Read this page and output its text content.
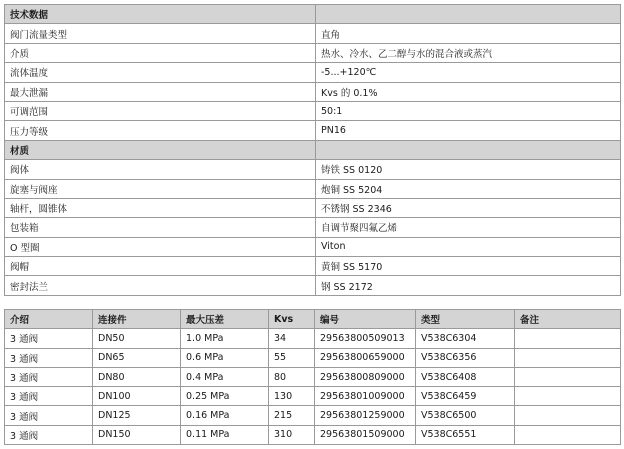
技术数据	
阀门流量类型	直角
介质	热水、冷水、乙二醇与水的混合液或蒸汽
流体温度	-5...+120℃
最大泄漏	Kvs 的 0.1%
可调范围	50:1
压力等级	PN16
材质	
阀体	铸铁 SS 0120
旋塞与阀座	炮铜 SS 5204
轴杆，圆锥体	不锈钢 SS 2346
包装箱	自调节聚四氟乙烯
O 型圈	Viton
阀帽	黄铜 SS 5170
密封法兰	钢 SS 2172
介绍	连接件	最大压差	Kvs	编号	类型	备注
3 通阀	DN50	1.0 MPa	34	29563800509013	V538C6304	
3 通阀	DN65	0.6 MPa	55	29563800659000	V538C6356	
3 通阀	DN80	0.4 MPa	80	29563800809000	V538C6408	
3 通阀	DN100	0.25 MPa	130	29563801009000	V538C6459	
3 通阀	DN125	0.16 MPa	215	29563801259000	V538C6500	
3 通阀	DN150	0.11 MPa	310	29563801509000	V538C6551	
